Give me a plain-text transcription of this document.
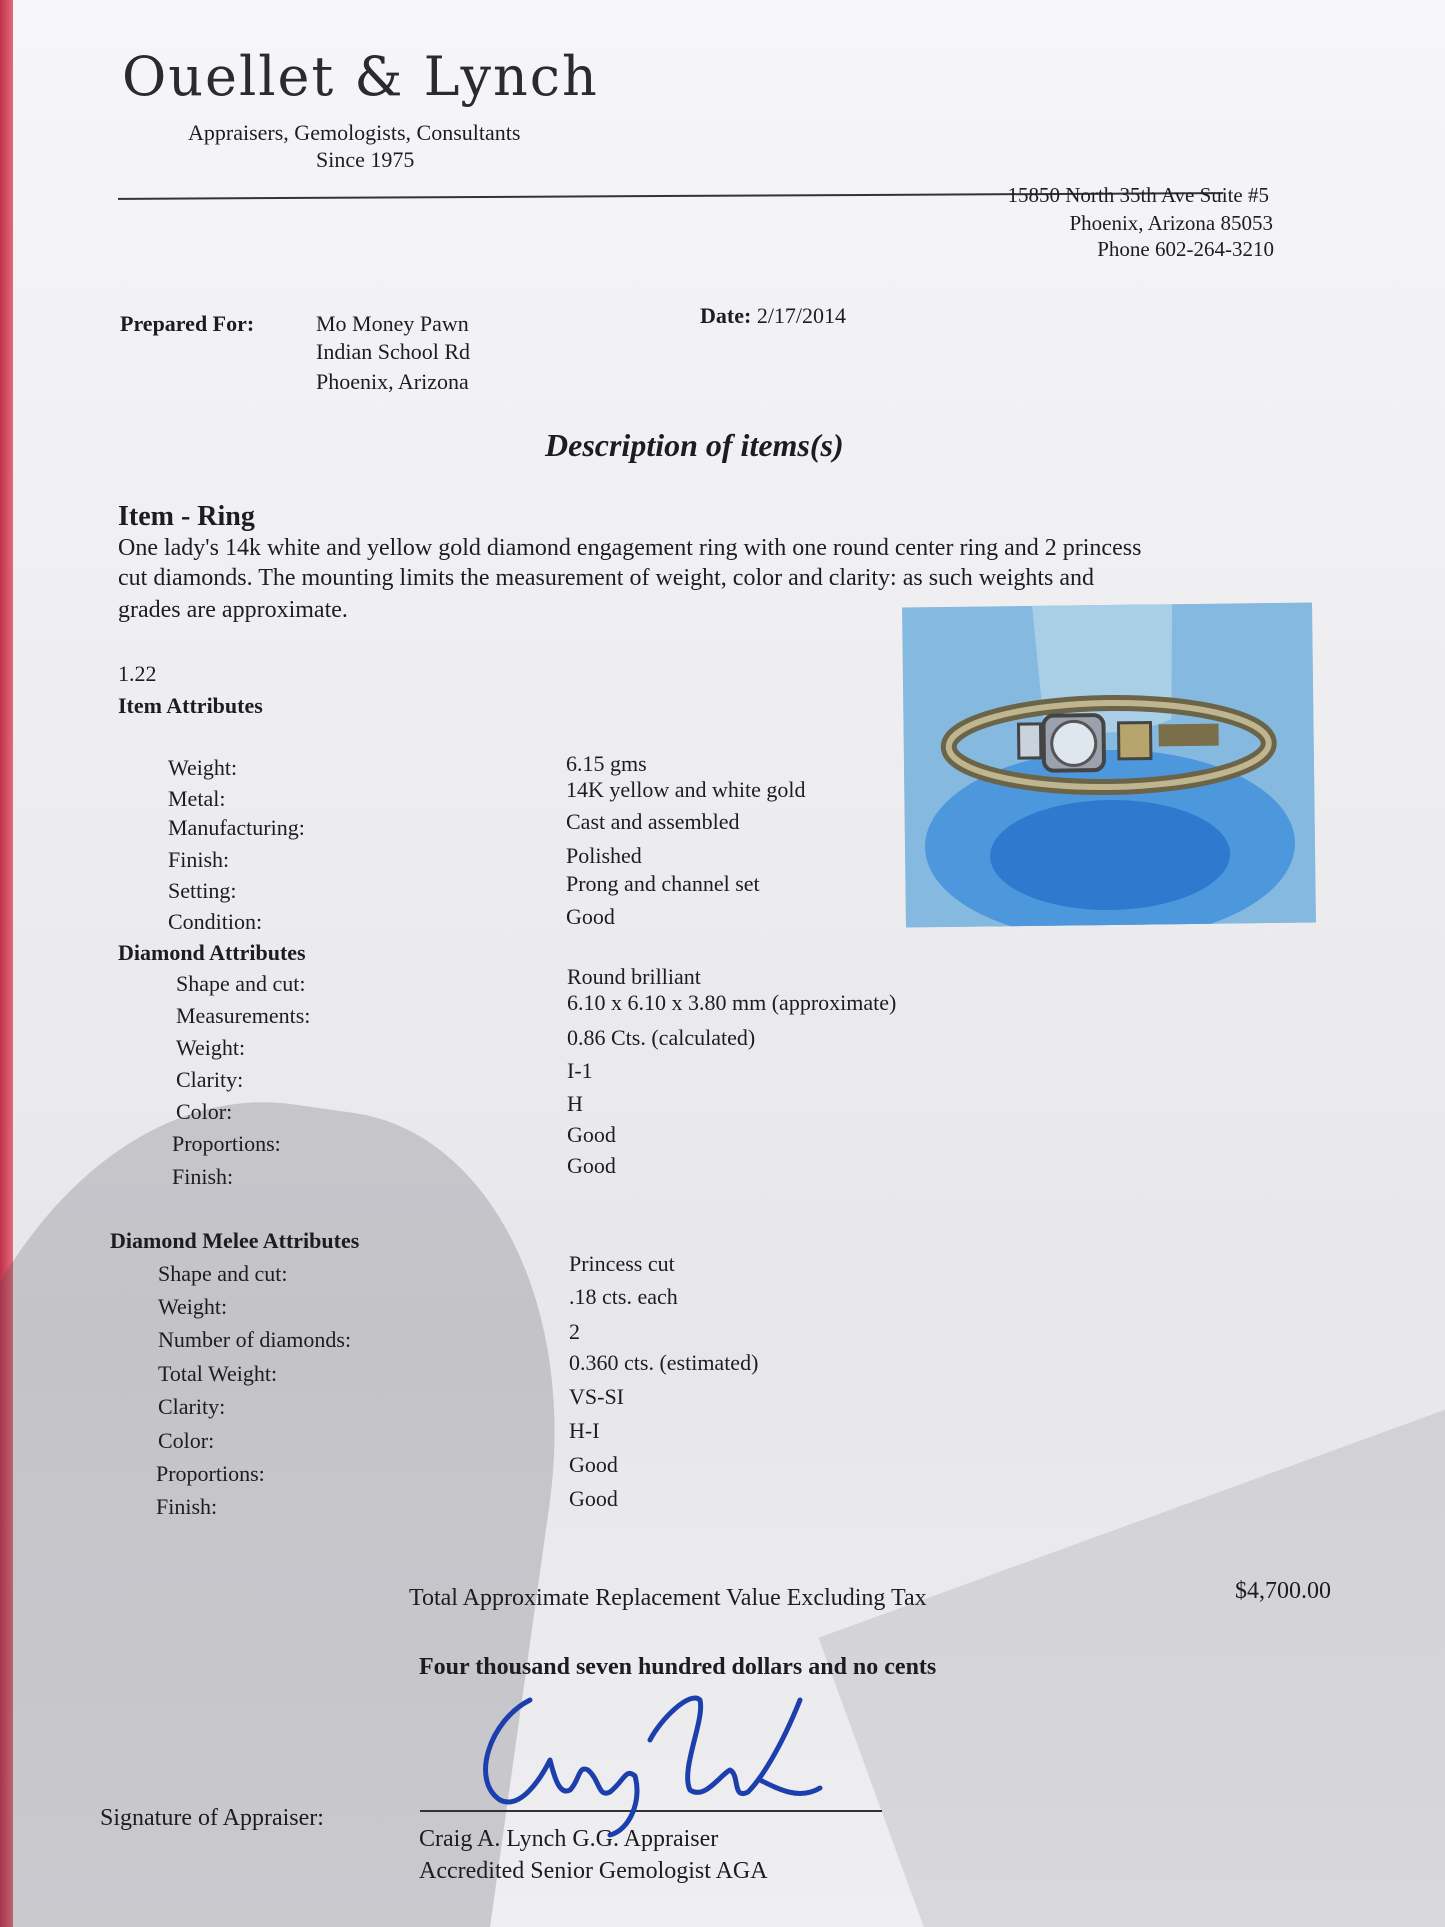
Ouellet & Lynch
Appraisers, Gemologists, Consultants
Since 1975
15850 North 35th Ave Suite #5
Phoenix, Arizona 85053
Phone 602-264-3210
Prepared For:	Mo Money Pawn
Indian School Rd
Phoenix, Arizona
Date: 2/17/2014
Description of items(s)
Item - Ring
One lady's 14k white and yellow gold diamond engagement ring with one round center ring and 2 princess
cut diamonds. The mounting limits the measurement of weight, color and clarity: as such weights and
grades are approximate.
1.22
Item Attributes
Weight:	6.15 gms
Metal:	14K yellow and white gold
Manufacturing:	Cast and assembled
Finish:	Polished
Setting:	Prong and channel set
Condition:	Good
Diamond Attributes
Shape and cut:	Round brilliant
Measurements:
6.10 x 6.10 x 3.80 mm (approximate)
Weight:	0.86 Cts. (calculated)
Clarity:	I-1
Color:	H
Proportions:	Good
Finish:	Good
Diamond Melee Attributes
Shape and cut:	Princess cut
Weight:	.18 cts. each
Number of diamonds:	2
Total Weight:	0.360 cts. (estimated)
Clarity:	VS-SI
Color:	H-I
Proportions:	Good
Finish:	Good
Total Approximate Replacement Value Excluding Tax	$4,700.00
Four thousand seven hundred dollars and no cents
Signature of Appraiser:
Craig A. Lynch G.G. Appraiser
Accredited Senior Gemologist AGA
